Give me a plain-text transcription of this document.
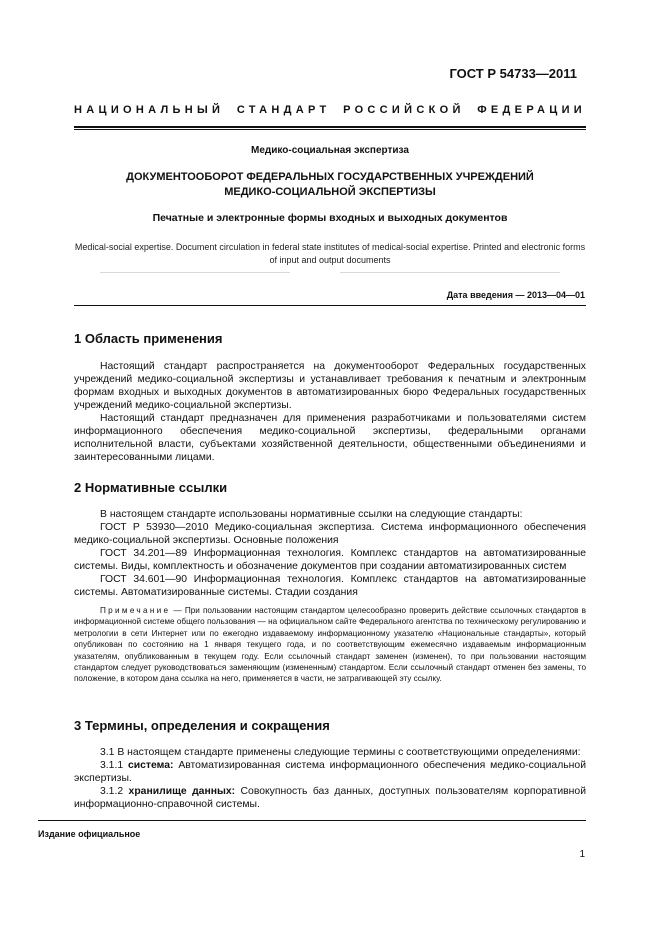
ГОСТ Р 54733—2011
НАЦИОНАЛЬНЫЙ СТАНДАРТ РОССИЙСКОЙ ФЕДЕРАЦИИ
Медико-социальная экспертиза
ДОКУМЕНТООБОРОТ ФЕДЕРАЛЬНЫХ ГОСУДАРСТВЕННЫХ УЧРЕЖДЕНИЙ
МЕДИКО-СОЦИАЛЬНОЙ ЭКСПЕРТИЗЫ
Печатные и электронные формы входных и выходных документов
Medical-social expertise. Document circulation in federal state institutes of medical-social expertise. Printed and electronic forms of input and output documents
Дата введения — 2013—04—01
1 Область применения

Настоящий стандарт распространяется на документооборот Федеральных государственных учреждений медико-социальной экспертизы и устанавливает требования к печатным и электронным формам входных и выходных документов в автоматизированных бюро Федеральных государственных учреждений медико-социальной экспертизы.

Настоящий стандарт предназначен для применения разработчиками и пользователями систем информационного обеспечения медико-социальной экспертизы, федеральными органами исполнительной власти, субъектами хозяйственной деятельности, общественными объединениями и заинтересованными лицами.

2 Нормативные ссылки

В настоящем стандарте использованы нормативные ссылки на следующие стандарты:

ГОСТ Р 53930—2010 Медико-социальная экспертиза. Система информационного обеспечения медико-социальной экспертизы. Основные положения

ГОСТ 34.201—89 Информационная технология. Комплекс стандартов на автоматизированные системы. Виды, комплектность и обозначение документов при создании автоматизированных систем

ГОСТ 34.601—90 Информационная технология. Комплекс стандартов на автоматизированные системы. Автоматизированные системы. Стадии создания

Примечание — При пользовании настоящим стандартом целесообразно проверить действие ссылочных стандартов в информационной системе общего пользования — на официальном сайте Федерального агентства по техническому регулированию и метрологии в сети Интернет или по ежегодно издаваемому информационному указателю «Национальные стандарты», который опубликован по состоянию на 1 января текущего года, и по соответствующим ежемесячно издаваемым информационным указателям, опубликованным в текущем году. Если ссылочный стандарт заменен (изменен), то при пользовании настоящим стандартом следует руководствоваться заменяющим (измененным) стандартом. Если ссылочный стандарт отменен без замены, то положение, в котором дана ссылка на него, применяется в части, не затрагивающей эту ссылку.

3 Термины, определения и сокращения

3.1 В настоящем стандарте применены следующие термины с соответствующими определениями:

3.1.1 система: Автоматизированная система информационного обеспечения медико-социальной экспертизы.

3.1.2 хранилище данных: Совокупность баз данных, доступных пользователям корпоративной информационно-справочной системы.

Издание официальное
1
